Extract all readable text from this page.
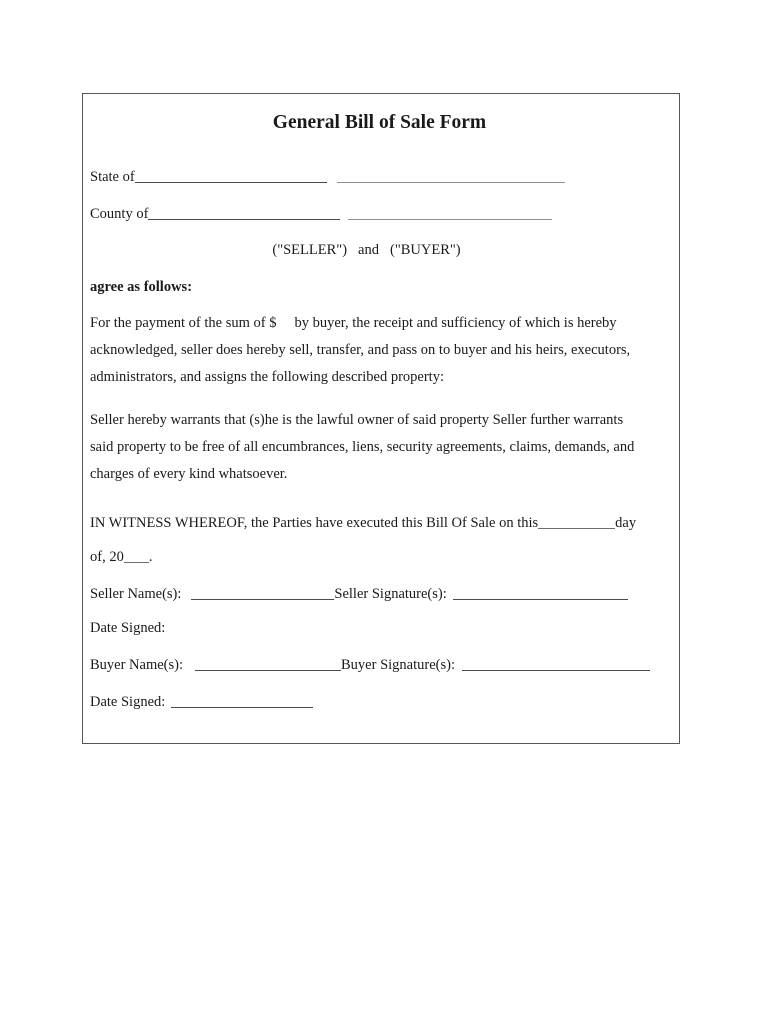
General Bill of Sale Form
State of
County of
("SELLER") and ("BUYER")
agree as follows:
For the payment of the sum of $ by buyer, the receipt and sufficiency of which is hereby
acknowledged, seller does hereby sell, transfer, and pass on to buyer and his heirs, executors,
administrators, and assigns the following described property:
Seller hereby warrants that (s)he is the lawful owner of said property Seller further warrants
said property to be free of all encumbrances, liens, security agreements, claims, demands, and
charges of every kind whatsoever.
IN WITNESS WHEREOF, the Parties have executed this Bill Of Sale on this	day
of, 20 .
Seller Name(s):	Seller Signature(s):
Date Signed:
Buyer Name(s):	Buyer Signature(s):
Date Signed:
